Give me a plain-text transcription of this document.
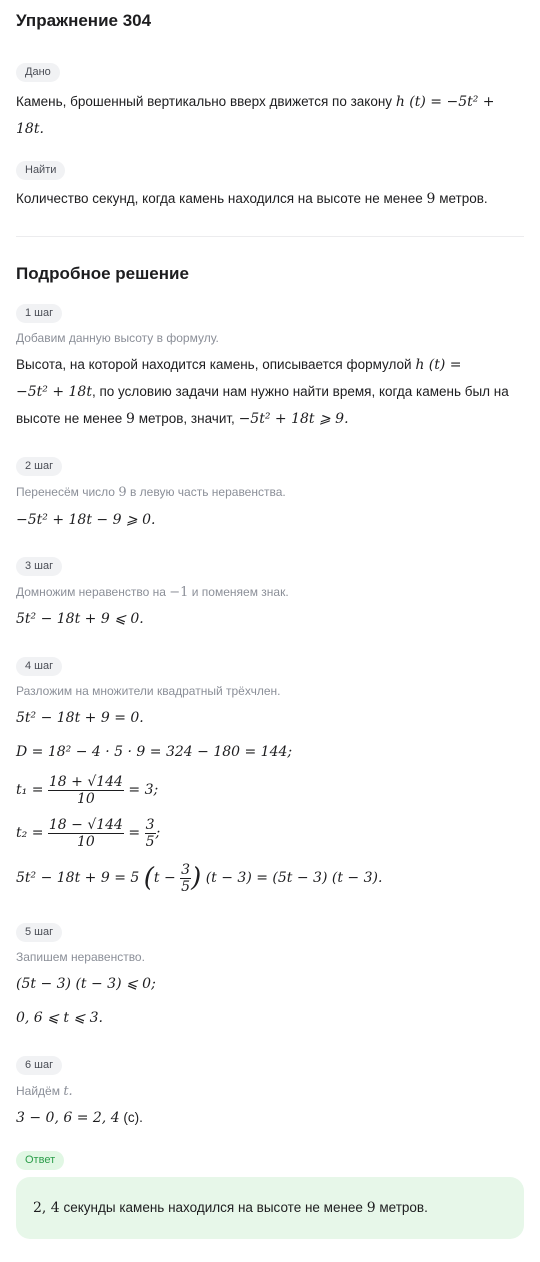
Упражнение 304
Дано
Камень, брошенный вертикально вверх движется по закону h (t) = −5t² +
18t.
Найти
Количество секунд, когда камень находился на высоте не менее 9 метров.
Подробное решение
1 шаг
Добавим данную высоту в формулу.
Высота, на которой находится камень, описывается формулой h (t) =
−5t² + 18t, по условию задачи нам нужно найти время, когда камень был на
высоте не менее 9 метров, значит, −5t² + 18t ⩾ 9.
2 шаг
Перенесём число 9 в левую часть неравенства.
−5t² + 18t − 9 ⩾ 0.
3 шаг
Домножим неравенство на −1 и поменяем знак.
5t² − 18t + 9 ⩽ 0.
4 шаг
Разложим на множители квадратный трёхчлен.
5t² − 18t + 9 = 0.
D = 18² − 4 · 5 · 9 = 324 − 180 = 144;
$t_1 = \frac{18 + √144}{10} = 3$;
$t_2 = \frac{18 - √144}{10} = \frac{3}{5}$ ;
5t² − 18t + 9 = 5 ($t - \frac{3}{5}$ ) (t − 3) = (5t − 3) (t − 3).
5 шаг
Запишем неравенство.
(5t − 3) (t − 3) ⩽ 0;
0, 6 ⩽ t ⩽ 3.
6 шаг
Найдём t.
3 − 0, 6 = 2, 4 (с).
Ответ
2, 4 секунды камень находился на высоте не менее 9 метров.
